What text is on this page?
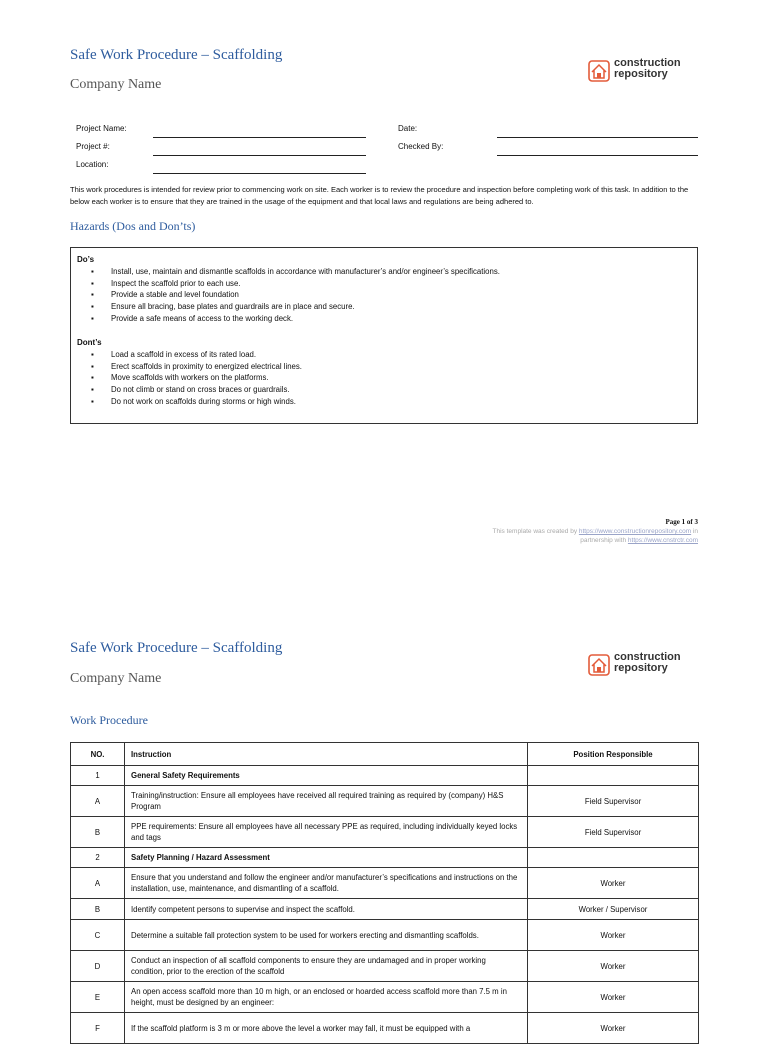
Safe Work Procedure – Scaffolding
Company Name
construction
repository
Project Name:
Project #:
Location:
Date:
Checked By:
This work procedures is intended for review prior to commencing work on site. Each worker is to review the procedure and inspection before completing work of this task. In addition to the below each worker is to ensure that they are trained in the usage of the equipment and that local laws and regulations are being adhered to.
Hazards (Dos and Don’ts)
Do’s
▪ Install, use, maintain and dismantle scaffolds in accordance with manufacturer’s and/or engineer’s specifications.
▪ Inspect the scaffold prior to each use.
▪ Provide a stable and level foundation
▪ Ensure all bracing, base plates and guardrails are in place and secure.
▪ Provide a safe means of access to the working deck.
Dont’s
▪ Load a scaffold in excess of its rated load.
▪ Erect scaffolds in proximity to energized electrical lines.
▪ Move scaffolds with workers on the platforms.
▪ Do not climb or stand on cross braces or guardrails.
▪ Do not work on scaffolds during storms or high winds.
Page 1 of 3
This template was created by https://www.constructionrepository.com in
partnership with https://www.cnstrctr.com
Safe Work Procedure – Scaffolding
Company Name
construction
repository
Work Procedure
NO.	Instruction	Position Responsible
1	General Safety Requirements	
A	Training/instruction: Ensure all employees have received all required training as required by (company) H&S Program	Field Supervisor
B	PPE requirements: Ensure all employees have all necessary PPE as required, including individually keyed locks and tags	Field Supervisor
2	Safety Planning / Hazard Assessment	
A	Ensure that you understand and follow the engineer and/or manufacturer’s specifications and instructions on the installation, use, maintenance, and dismantling of a scaffold.	Worker
B	Identify competent persons to supervise and inspect the scaffold.	Worker / Supervisor
C	Determine a suitable fall protection system to be used for workers erecting and dismantling scaffolds.	Worker
D	Conduct an inspection of all scaffold components to ensure they are undamaged and in proper working condition, prior to the erection of the scaffold	Worker
E	An open access scaffold more than 10 m high, or an enclosed or hoarded access scaffold more than 7.5 m in height, must be designed by an engineer:	Worker
F	If the scaffold platform is 3 m or more above the level a worker may fall, it must be equipped with a	Worker
